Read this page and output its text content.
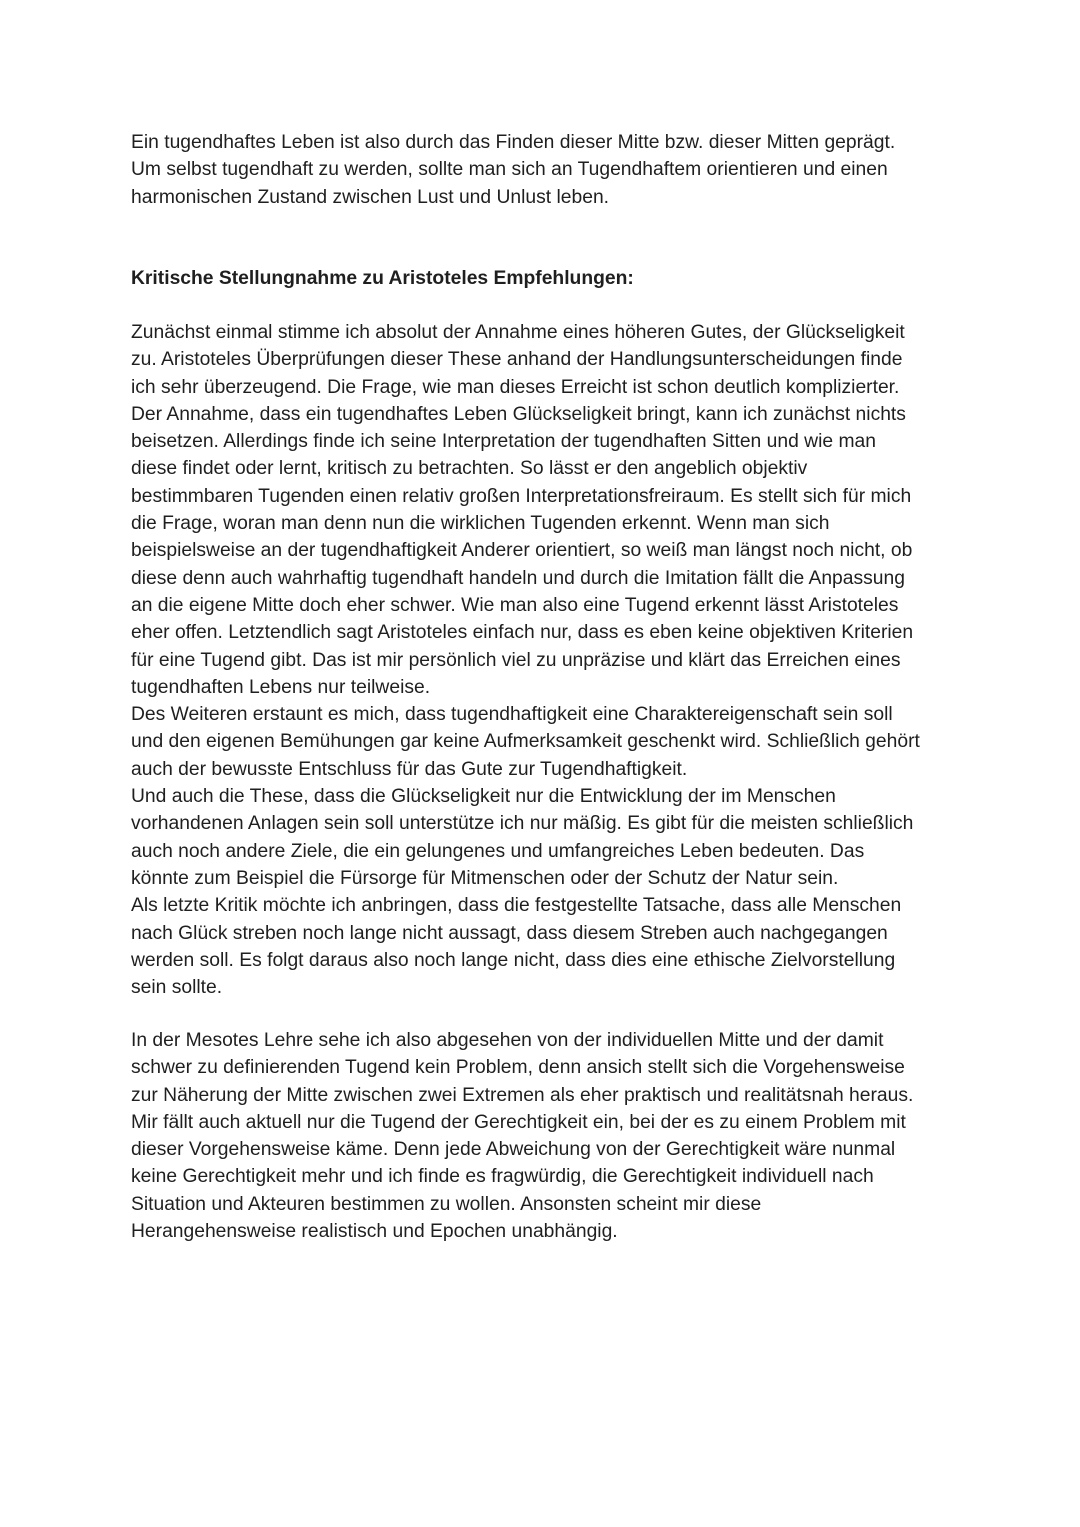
Ein tugendhaftes Leben ist also durch das Finden dieser Mitte bzw. dieser Mitten geprägt.
Um selbst tugendhaft zu werden, sollte man sich an Tugendhaftem orientieren und einen
harmonischen Zustand zwischen Lust und Unlust leben.
Kritische Stellungnahme zu Aristoteles Empfehlungen:
Zunächst einmal stimme ich absolut der Annahme eines höheren Gutes, der Glückseligkeit
zu. Aristoteles Überprüfungen dieser These anhand der Handlungsunterscheidungen finde
ich sehr überzeugend. Die Frage, wie man dieses Erreicht ist schon deutlich komplizierter.
Der Annahme, dass ein tugendhaftes Leben Glückseligkeit bringt, kann ich zunächst nichts
beisetzen. Allerdings finde ich seine Interpretation der tugendhaften Sitten und wie man
diese findet oder lernt, kritisch zu betrachten. So lässt er den angeblich objektiv
bestimmbaren Tugenden einen relativ großen Interpretationsfreiraum. Es stellt sich für mich
die Frage, woran man denn nun die wirklichen Tugenden erkennt. Wenn man sich
beispielsweise an der tugendhaftigkeit Anderer orientiert, so weiß man längst noch nicht, ob
diese denn auch wahrhaftig tugendhaft handeln und durch die Imitation fällt die Anpassung
an die eigene Mitte doch eher schwer. Wie man also eine Tugend erkennt lässt Aristoteles
eher offen. Letztendlich sagt Aristoteles einfach nur, dass es eben keine objektiven Kriterien
für eine Tugend gibt. Das ist mir persönlich viel zu unpräzise und klärt das Erreichen eines
tugendhaften Lebens nur teilweise.
Des Weiteren erstaunt es mich, dass tugendhaftigkeit eine Charaktereigenschaft sein soll
und den eigenen Bemühungen gar keine Aufmerksamkeit geschenkt wird. Schließlich gehört
auch der bewusste Entschluss für das Gute zur Tugendhaftigkeit.
Und auch die These, dass die Glückseligkeit nur die Entwicklung der im Menschen
vorhandenen Anlagen sein soll unterstütze ich nur mäßig. Es gibt für die meisten schließlich
auch noch andere Ziele, die ein gelungenes und umfangreiches Leben bedeuten. Das
könnte zum Beispiel die Fürsorge für Mitmenschen oder der Schutz der Natur sein.
Als letzte Kritik möchte ich anbringen, dass die festgestellte Tatsache, dass alle Menschen
nach Glück streben noch lange nicht aussagt, dass diesem Streben auch nachgegangen
werden soll. Es folgt daraus also noch lange nicht, dass dies eine ethische Zielvorstellung
sein sollte.
In der Mesotes Lehre sehe ich also abgesehen von der individuellen Mitte und der damit
schwer zu definierenden Tugend kein Problem, denn ansich stellt sich die Vorgehensweise
zur Näherung der Mitte zwischen zwei Extremen als eher praktisch und realitätsnah heraus.
Mir fällt auch aktuell nur die Tugend der Gerechtigkeit ein, bei der es zu einem Problem mit
dieser Vorgehensweise käme. Denn jede Abweichung von der Gerechtigkeit wäre nunmal
keine Gerechtigkeit mehr und ich finde es fragwürdig, die Gerechtigkeit individuell nach
Situation und Akteuren bestimmen zu wollen. Ansonsten scheint mir diese
Herangehensweise realistisch und Epochen unabhängig.
